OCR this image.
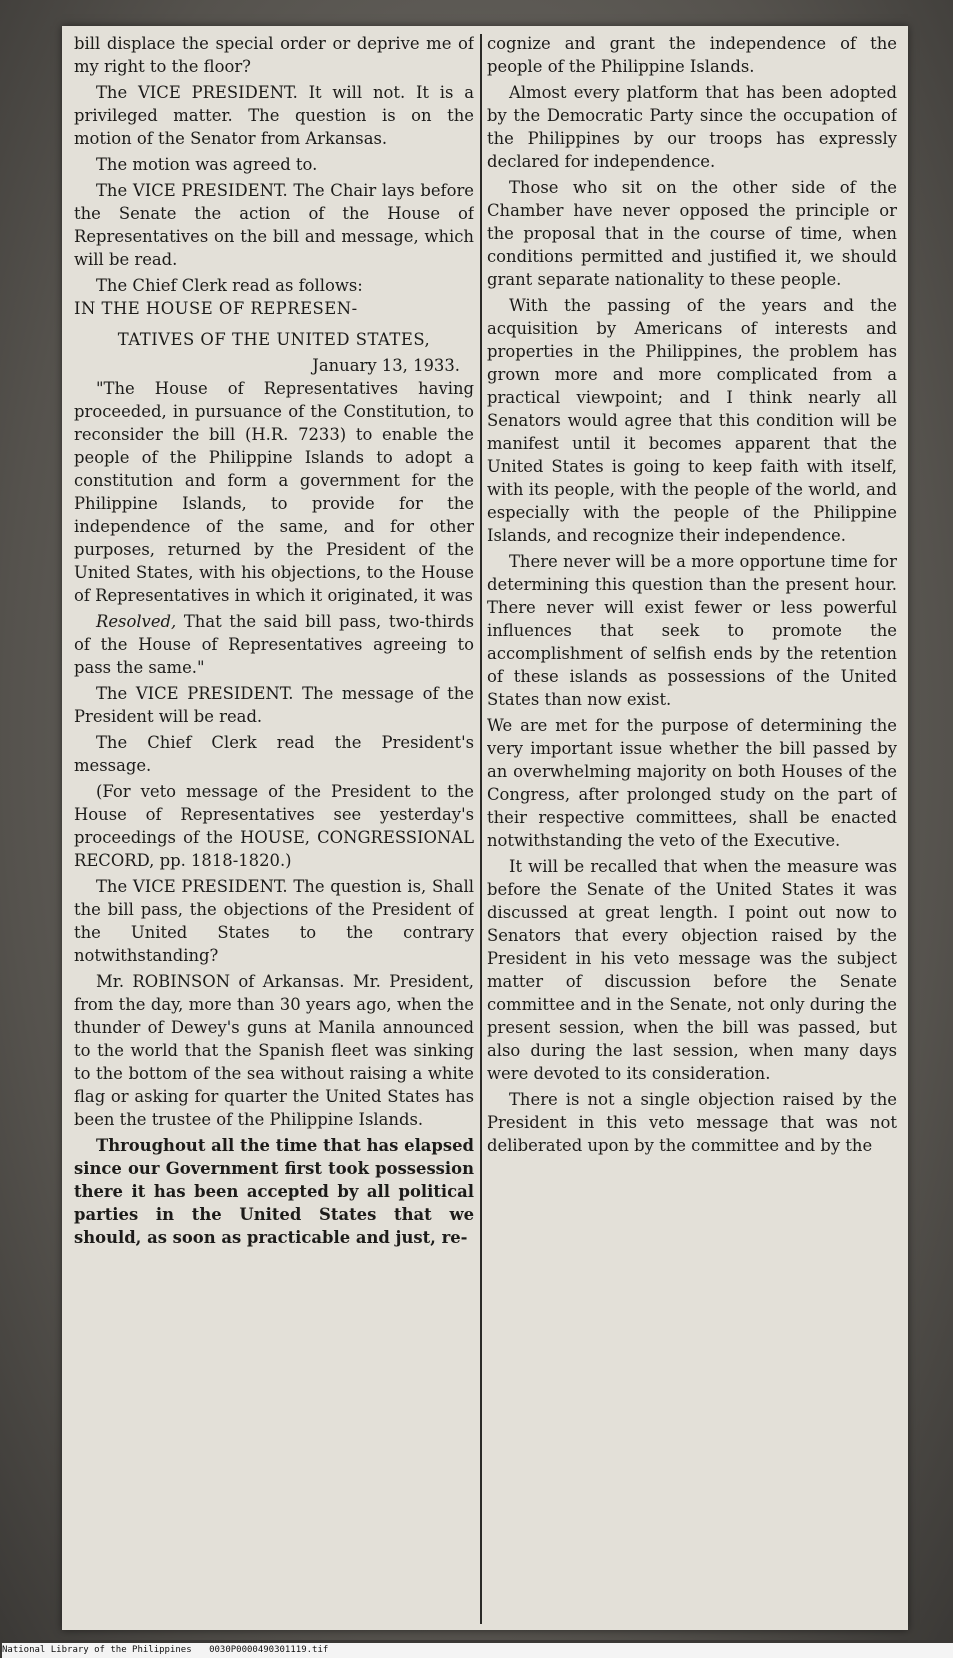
bill displace the special order or deprive me of my right to the floor?

The VICE PRESIDENT. It will not. It is a privileged matter. The question is on the motion of the Senator from Arkansas.

The motion was agreed to.

The VICE PRESIDENT. The Chair lays before the Senate the action of the House of Representatives on the bill and message, which will be read.

The Chief Clerk read as follows:

IN THE HOUSE OF REPRESEN-

TATIVES OF THE UNITED STATES,

January 13, 1933.

"The House of Representatives having proceeded, in pursuance of the Constitution, to reconsider the bill (H.R. 7233) to enable the people of the Philippine Islands to adopt a constitution and form a government for the Philippine Islands, to provide for the independence of the same, and for other purposes, returned by the President of the United States, with his objections, to the House of Representatives in which it originated, it was

Resolved, That the said bill pass, two-thirds of the House of Representatives agreeing to pass the same."

The VICE PRESIDENT. The message of the President will be read.

The Chief Clerk read the President's message.

(For veto message of the President to the House of Representatives see yesterday's proceedings of the HOUSE, CONGRESSIONAL RECORD, pp. 1818-1820.)

The VICE PRESIDENT. The question is, Shall the bill pass, the objections of the President of the United States to the contrary notwithstanding?

Mr. ROBINSON of Arkansas. Mr. President, from the day, more than 30 years ago, when the thunder of Dewey's guns at Manila announced to the world that the Spanish fleet was sinking to the bottom of the sea without raising a white flag or asking for quarter the United States has been the trustee of the Philippine Islands.

Throughout all the time that has elapsed since our Government first took possession there it has been accepted by all political parties in the United States that we should, as soon as practicable and just, re-

cognize and grant the independence of the people of the Philippine Islands.

Almost every platform that has been adopted by the Democratic Party since the occupation of the Philippines by our troops has expressly declared for independence.

Those who sit on the other side of the Chamber have never opposed the principle or the proposal that in the course of time, when conditions permitted and justified it, we should grant separate nationality to these people.

With the passing of the years and the acquisition by Americans of interests and properties in the Philippines, the problem has grown more and more complicated from a practical viewpoint; and I think nearly all Senators would agree that this condition will be manifest until it becomes apparent that the United States is going to keep faith with itself, with its people, with the people of the world, and especially with the people of the Philippine Islands, and recognize their independence.

There never will be a more opportune time for determining this question than the present hour. There never will exist fewer or less powerful influences that seek to promote the accomplishment of selfish ends by the retention of these islands as possessions of the United States than now exist.

We are met for the purpose of determining the very important issue whether the bill passed by an overwhelming majority on both Houses of the Congress, after prolonged study on the part of their respective committees, shall be enacted notwithstanding the veto of the Executive.

It will be recalled that when the measure was before the Senate of the United States it was discussed at great length. I point out now to Senators that every objection raised by the President in his veto message was the subject matter of discussion before the Senate committee and in the Senate, not only during the present session, when the bill was passed, but also during the last session, when many days were devoted to its consideration.

There is not a single objection raised by the President in this veto message that was not deliberated upon by the committee and by the

National Library of the Philippines 0030P0000490301119.tif
